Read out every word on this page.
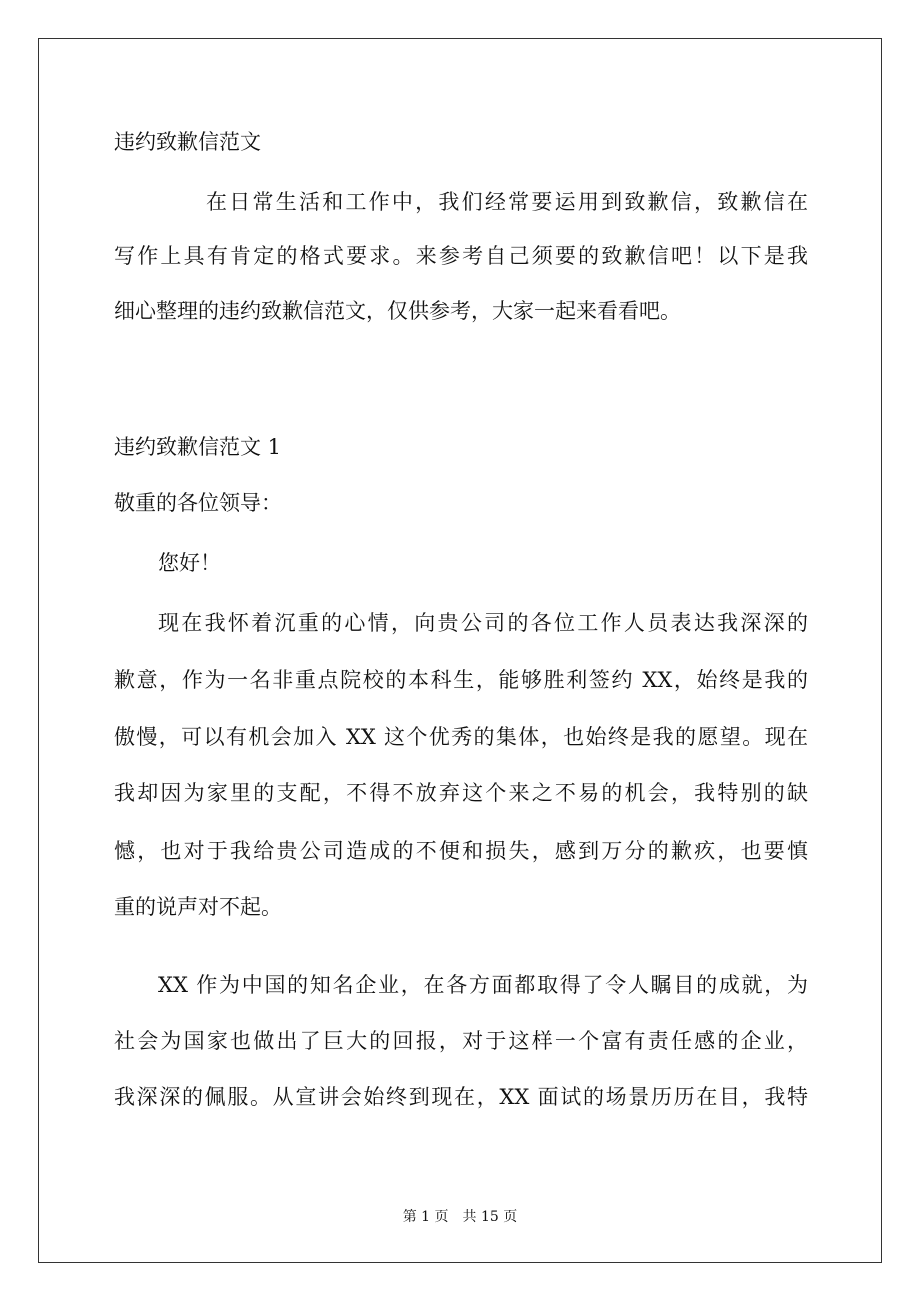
违约致歉信范文
在日常生活和工作中，我们经常要运用到致歉信，致歉信在
写作上具有肯定的格式要求。来参考自己须要的致歉信吧！以下是我
细心整理的违约致歉信范文，仅供参考，大家一起来看看吧。
违约致歉信范文 1
敬重的各位领导：
您好！
现在我怀着沉重的心情，向贵公司的各位工作人员表达我深深的
歉意，作为一名非重点院校的本科生，能够胜利签约 XX，始终是我的
傲慢，可以有机会加入 XX 这个优秀的集体，也始终是我的愿望。现在
我却因为家里的支配，不得不放弃这个来之不易的机会，我特别的缺
憾，也对于我给贵公司造成的不便和损失，感到万分的歉疚，也要慎
重的说声对不起。
XX 作为中国的知名企业，在各方面都取得了令人瞩目的成就，为
社会为国家也做出了巨大的回报，对于这样一个富有责任感的企业，
我深深的佩服。从宣讲会始终到现在，XX 面试的场景历历在目，我特
第 1 页　共 15 页
